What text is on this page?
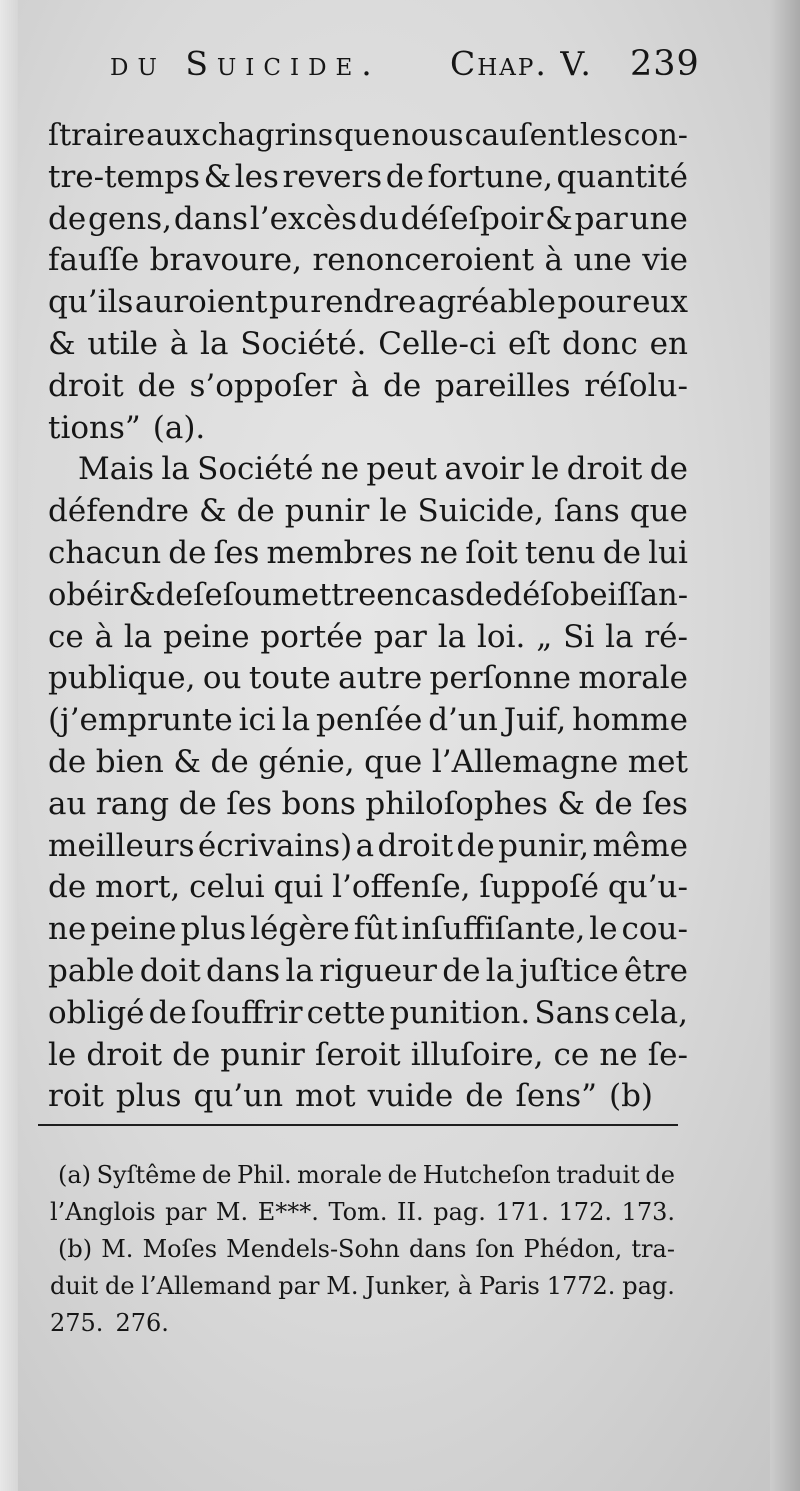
du Suicide. Chap. V. 239
ſtraire aux chagrins que nous cauſent les con-
tre-temps & les revers de fortune, quantité
de gens, dans l’excès du déſeſpoir & par une
fauſſe bravoure, renonceroient à une vie
qu’ils auroient pu rendre agréable pour eux
& utile à la Société. Celle-ci eſt donc en
droit de s’oppoſer à de pareilles réſolu-
tions” (a).
Mais la Société ne peut avoir le droit de
défendre & de punir le Suicide, ſans que
chacun de ſes membres ne ſoit tenu de lui
obéir & de ſe ſoumettre en cas de déſobeiſſan-
ce à la peine portée par la loi. „ Si la ré-
publique, ou toute autre perſonne morale
(j’emprunte ici la penſée d’un Juif, homme
de bien & de génie, que l’Allemagne met
au rang de ſes bons philoſophes & de ſes
meilleurs écrivains) a droit de punir, même
de mort, celui qui l’offenſe, ſuppoſé qu’u-
ne peine plus légère fût inſuffiſante, le cou-
pable doit dans la rigueur de la juſtice être
obligé de ſouffrir cette punition. Sans cela,
le droit de punir ſeroit illuſoire, ce ne ſe-
roit plus qu’un mot vuide de ſens” (b)
(a) Syſtême de Phil. morale de Hutcheſon traduit de
l’Anglois par M. E***. Tom. II. pag. 171. 172. 173.
(b) M. Moſes Mendels-Sohn dans ſon Phédon, tra-
duit de l’Allemand par M. Junker, à Paris 1772. pag.
275. 276.
